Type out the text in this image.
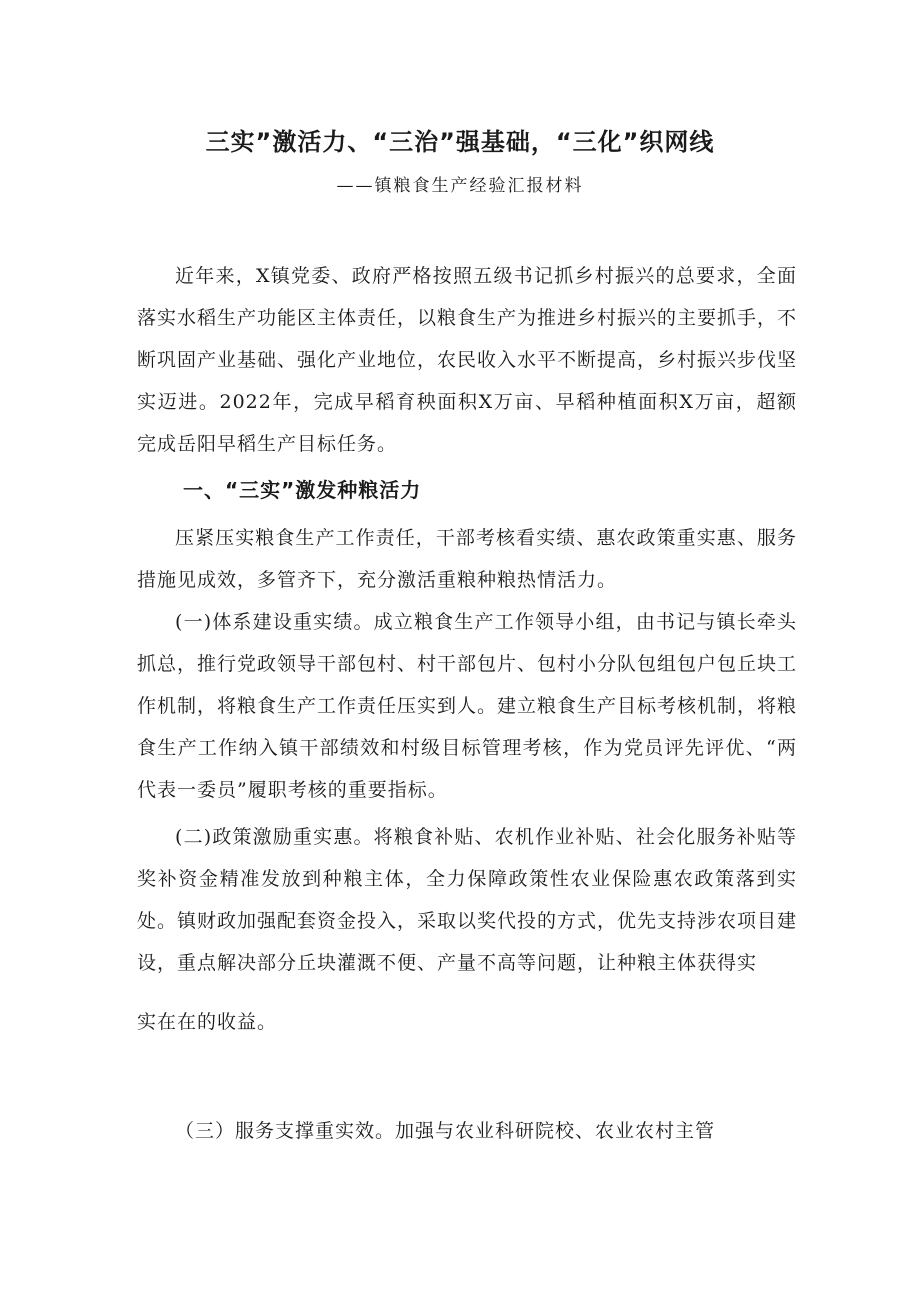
三实”激活力、“三治”强基础，“三化”织网线
——镇粮食生产经验汇报材料

近年来，X镇党委、政府严格按照五级书记抓乡村振兴的总要求，全面落实水稻生产功能区主体责任，以粮食生产为推进乡村振兴的主要抓手，不断巩固产业基础、强化产业地位，农民收入水平不断提高，乡村振兴步伐坚实迈进。2022年，完成早稻育秧面积X万亩、早稻种植面积X万亩，超额完成岳阳早稻生产目标任务。

一、“三实”激发种粮活力

压紧压实粮食生产工作责任，干部考核看实绩、惠农政策重实惠、服务措施见成效，多管齐下，充分激活重粮种粮热情活力。

(一)体系建设重实绩。成立粮食生产工作领导小组，由书记与镇长牵头抓总，推行党政领导干部包村、村干部包片、包村小分队包组包户包丘块工作机制，将粮食生产工作责任压实到人。建立粮食生产目标考核机制，将粮食生产工作纳入镇干部绩效和村级目标管理考核，作为党员评先评优、“两代表一委员”履职考核的重要指标。

(二)政策激励重实惠。将粮食补贴、农机作业补贴、社会化服务补贴等奖补资金精准发放到种粮主体，全力保障政策性农业保险惠农政策落到实处。镇财政加强配套资金投入，采取以奖代投的方式，优先支持涉农项目建设，重点解决部分丘块灌溉不便、产量不高等问题，让种粮主体获得实

实在在的收益。

（三）服务支撑重实效。加强与农业科研院校、农业农村主管
